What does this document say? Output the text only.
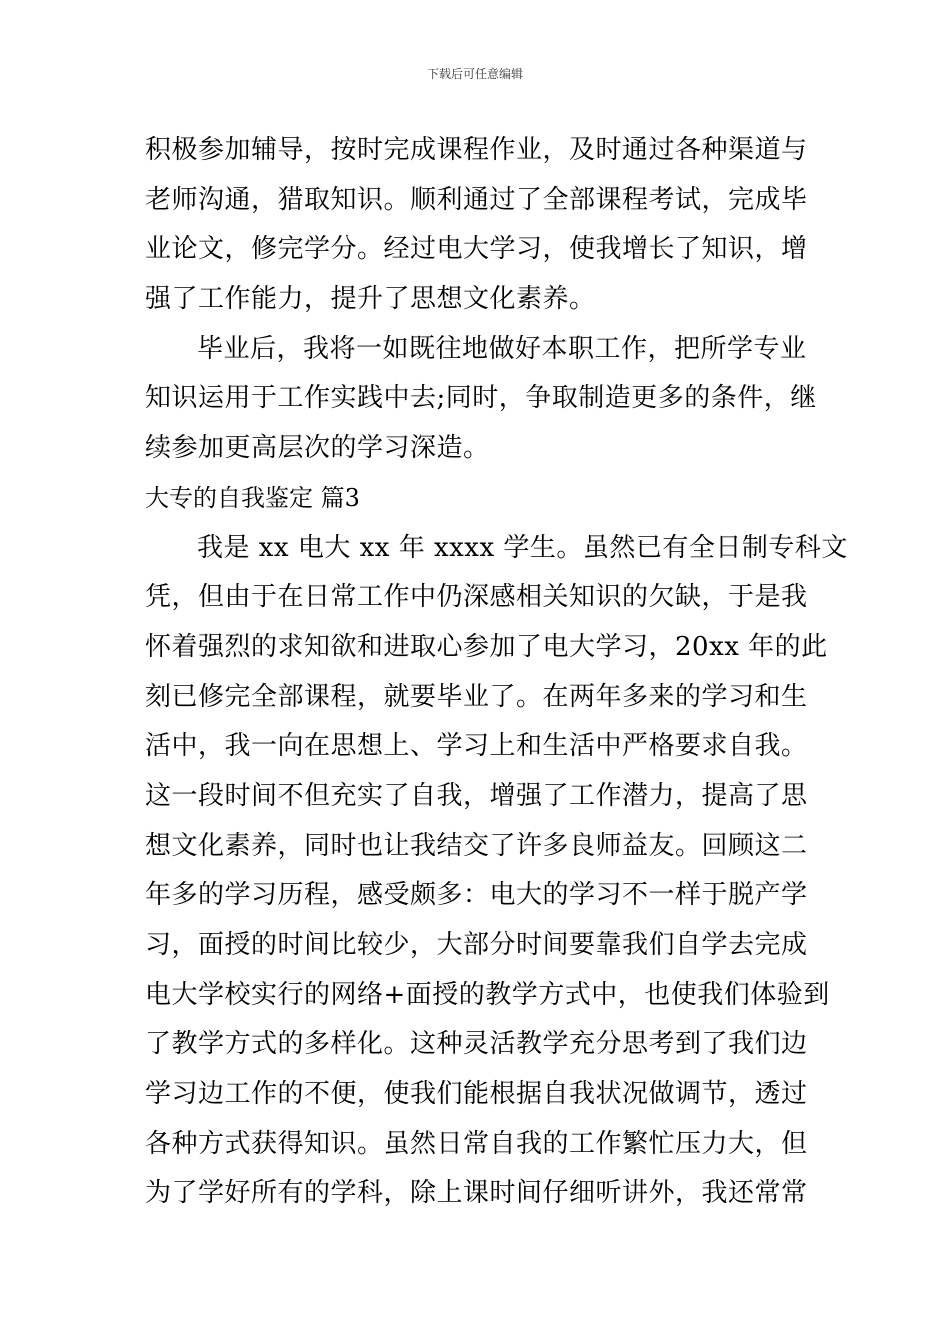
下载后可任意编辑
积极参加辅导，按时完成课程作业，及时通过各种渠道与
老师沟通，猎取知识。顺利通过了全部课程考试，完成毕
业论文，修完学分。经过电大学习，使我增长了知识，增
强了工作能力，提升了思想文化素养。
毕业后，我将一如既往地做好本职工作，把所学专业
知识运用于工作实践中去;同时，争取制造更多的条件，继
续参加更高层次的学习深造。
大专的自我鉴定 篇3
我是 xx 电大 xx 年 xxxx 学生。虽然已有全日制专科文
凭，但由于在日常工作中仍深感相关知识的欠缺，于是我
怀着强烈的求知欲和进取心参加了电大学习，20xx 年的此
刻已修完全部课程，就要毕业了。在两年多来的学习和生
活中，我一向在思想上、学习上和生活中严格要求自我。
这一段时间不但充实了自我，增强了工作潜力，提高了思
想文化素养，同时也让我结交了许多良师益友。回顾这二
年多的学习历程，感受颇多：电大的学习不一样于脱产学
习，面授的时间比较少，大部分时间要靠我们自学去完成
电大学校实行的网络+面授的教学方式中，也使我们体验到
了教学方式的多样化。这种灵活教学充分思考到了我们边
学习边工作的不便，使我们能根据自我状况做调节，透过
各种方式获得知识。虽然日常自我的工作繁忙压力大，但
为了学好所有的学科，除上课时间仔细听讲外，我还常常
